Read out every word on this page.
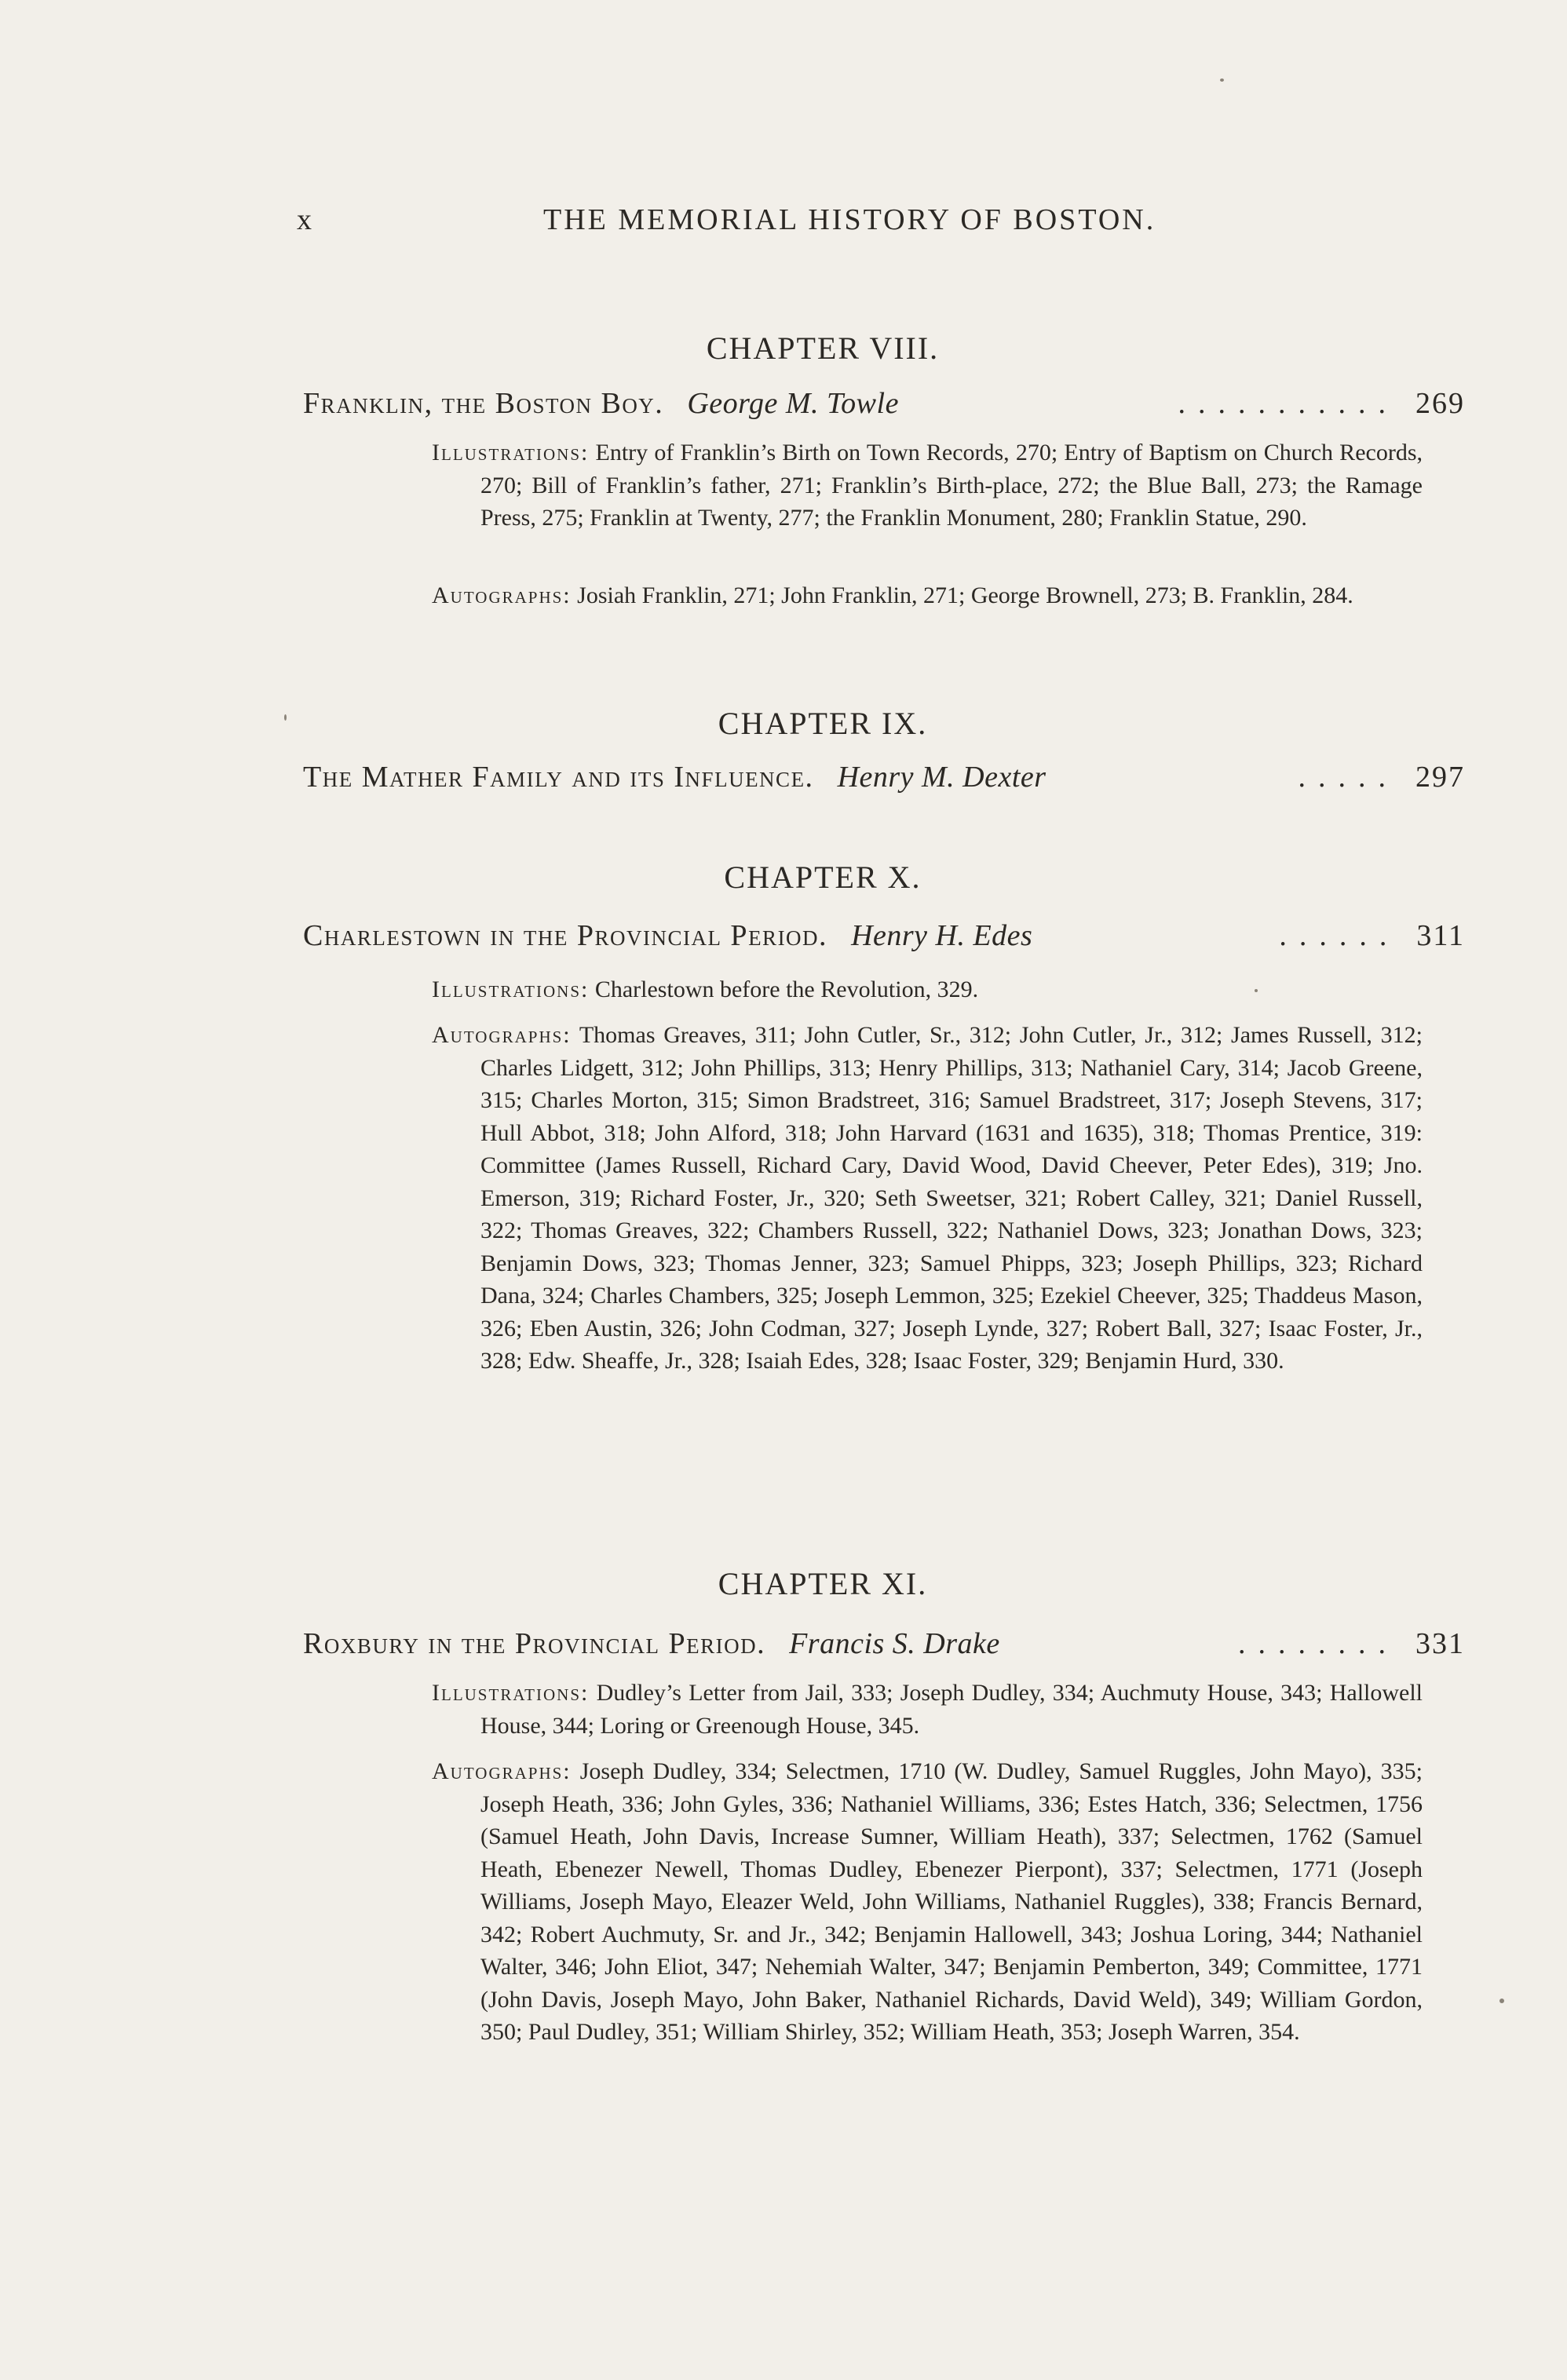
x	THE MEMORIAL HISTORY OF BOSTON.
CHAPTER VIII.
Franklin, the Boston Boy. George M. Towle	........... 269
Illustrations: Entry of Franklin’s Birth on Town Records, 270; Entry of Baptism on Church Records, 270; Bill of Franklin’s father, 271; Franklin’s Birth-place, 272; the Blue Ball, 273; the Ramage Press, 275; Franklin at Twenty, 277; the Franklin Monument, 280; Franklin Statue, 290.
Autographs: Josiah Franklin, 271; John Franklin, 271; George Brownell, 273; B. Franklin, 284.
CHAPTER IX.
The Mather Family and its Influence. Henry M. Dexter	..... 297
CHAPTER X.
Charlestown in the Provincial Period. Henry H. Edes	...... 311
Illustrations: Charlestown before the Revolution, 329.
Autographs: Thomas Greaves, 311; John Cutler, Sr., 312; John Cutler, Jr., 312; James Russell, 312; Charles Lidgett, 312; John Phillips, 313; Henry Phillips, 313; Nathaniel Cary, 314; Jacob Greene, 315; Charles Morton, 315; Simon Bradstreet, 316; Samuel Bradstreet, 317; Joseph Stevens, 317; Hull Abbot, 318; John Alford, 318; John Harvard (1631 and 1635), 318; Thomas Prentice, 319: Committee (James Russell, Richard Cary, David Wood, David Cheever, Peter Edes), 319; Jno. Emerson, 319; Richard Foster, Jr., 320; Seth Sweetser, 321; Robert Calley, 321; Daniel Russell, 322; Thomas Greaves, 322; Chambers Russell, 322; Nathaniel Dows, 323; Jonathan Dows, 323; Benjamin Dows, 323; Thomas Jenner, 323; Samuel Phipps, 323; Joseph Phillips, 323; Richard Dana, 324; Charles Chambers, 325; Joseph Lemmon, 325; Ezekiel Cheever, 325; Thaddeus Mason, 326; Eben Austin, 326; John Codman, 327; Joseph Lynde, 327; Robert Ball, 327; Isaac Foster, Jr., 328; Edw. Sheaffe, Jr., 328; Isaiah Edes, 328; Isaac Foster, 329; Benjamin Hurd, 330.
CHAPTER XI.
Roxbury in the Provincial Period. Francis S. Drake	........ 331
Illustrations: Dudley’s Letter from Jail, 333; Joseph Dudley, 334; Auchmuty House, 343; Hallowell House, 344; Loring or Greenough House, 345.
Autographs: Joseph Dudley, 334; Selectmen, 1710 (W. Dudley, Samuel Ruggles, John Mayo), 335; Joseph Heath, 336; John Gyles, 336; Nathaniel Williams, 336; Estes Hatch, 336; Selectmen, 1756 (Samuel Heath, John Davis, Increase Sumner, William Heath), 337; Selectmen, 1762 (Samuel Heath, Ebenezer Newell, Thomas Dudley, Ebenezer Pierpont), 337; Selectmen, 1771 (Joseph Williams, Joseph Mayo, Eleazer Weld, John Williams, Nathaniel Ruggles), 338; Francis Bernard, 342; Robert Auchmuty, Sr. and Jr., 342; Benjamin Hallowell, 343; Joshua Loring, 344; Nathaniel Walter, 346; John Eliot, 347; Nehemiah Walter, 347; Benjamin Pemberton, 349; Committee, 1771 (John Davis, Joseph Mayo, John Baker, Nathaniel Richards, David Weld), 349; William Gordon, 350; Paul Dudley, 351; William Shirley, 352; William Heath, 353; Joseph Warren, 354.
